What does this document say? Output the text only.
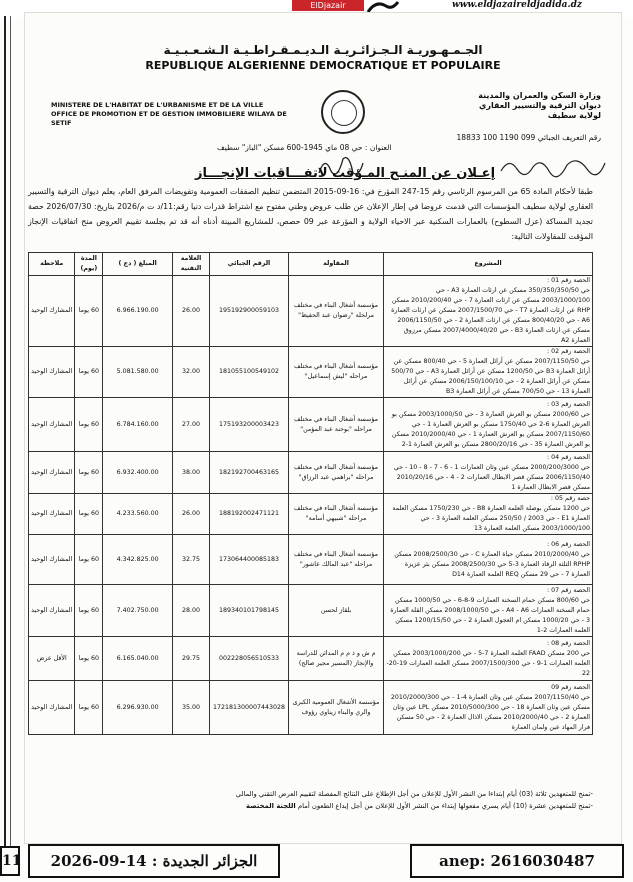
ElDjazair	www.eldjazaireldjadida.dz
الجـمـهـوريـة الـجـزائـريـة الـديـمـقـراطـيـة الـشـعـبـيـة
REPUBLIQUE ALGERIENNE DEMOCRATIQUE ET POPULAIRE
MINISTERE DE L'HABITAT DE L'URBANISME ET DE LA VILLE
OFFICE DE PROMOTION ET DE GESTION IMMOBILIERE WILAYA DE SETIF
وزارة السكن والعمران والمدينة
ديوان الترقية والتسيير العقاري
لولاية سطيف
رقم التعريف الجبائي 099 1190 100 18833
العنوان : حي 08 ماي 1945-600 مسكن "الباز" سطيف
إعـلان عن المنـح المـؤقت لاتفـــاقيات الإنجـــاز
طبقا لأحكام المادة 65 من المرسوم الرئاسي رقم 15-247 المؤرخ في: 16-09-2015 المتضمن تنظيم الصفقات العمومية وتفويضات المرفق العام، يعلم ديوان الترقية والتسيير العقاري لولاية سطيف المؤسسات التي قدمت عروضا في إطار الإعلان عن طلب عروض وطني مفتوح مع اشتراط قدرات دنيا رقم:11/د ت م/2026 بتاريخ: 2026/07/30 حصة تجديد المساكة (عزل السطوح) بالعمارات السكنية عبر الاحياء الولاية و المؤرعة عبر 09 حصص، للمشاريع المبينة أدناه أنه قد تم بجلسة تقييم العروض منح اتفاقيات الإنجاز المؤقت للمقاولات التالية:
المشروع	المقاولة	الرقم الجبائي	العلامة التقنية	المبلغ ( دج )	المدة (يوم)	ملاحظة

الحصة رقم 01 :
حي 350/350/350/50 مسكن عن ارئات العمارة A3 - حي 2003/1000/100 مسكن عن ارئات العمارة 7 - حي 2010/200/40 مسكن RHP عن ارئات العمارة T7 - حي 2007/1500/70 مسكن عن ارئات العمارة A6 - حي 800/40/20 مسكن عن ارئات العمارة 2 - حي 2006/1150/50 مسكن عن ارئات العمارة B3 - حي 2007/4000/40/20 مسكن مرزوق العمارة A2	مؤسسة أشغال البناء في مختلف مرلحلة "رضوان عبد الحفيظ"	195192900059103	26.00	6.966.190.00	60 يوما	المشارك الوحيد

الحصة رقم 02 :
حي 2007/1150/50 مسكن عن أرائل العمارة 5 - حي 800/40 مسكن عن أرائل العمارة B3 حي 1200/50 مسكن عن أرائل العمارة A3 - حي 500/70 مسكن عن أرائل العمارة 2 - حي 2006/150/100/10 مسكن عن أرائل العمارة 13 - حي 700/50 مسكن عن أرائل العمارة B3	مؤسسة أشغال البناء في مختلف مراحله "ليش إسماعيل"	181055100549102	32.00	5.081.580.00	60 يوما	المشارك الوحيد

الحصة رقم 03 :
حي 2000/60 مسكن بو العرش العمارة 3 - حي 2003/1000/50 مسكن بو العرش العمارة 6-2 حي 1750/40 مسكن بو العرش العمارة 1 - حي 2007/1150/60 مسكن بو العرش العمارة 1 - حي 2010/2000/40 مسكن بو العرش العمارة 35 - حي 2800/20/16 مسكن بو العرش العمارة 1-2	مؤسسة أشغال البناء في مختلف مراحله "بوحنة عبد المؤمن"	175193200003423	27.00	6.784.160.00	60 يوما	المشارك الوحيد

الحصة رقم 04 :
حي 2000/200/3000 مسكن عين وثان العمارات 1 - 6 - 7 - 8 - 10 - حي 2006/1150/40 مسكن قصر الابطال العمارات 2 - 4 - حي 2010/20/16 مسكن قصر الابطال العمارة 1	مؤسسة أشغال البناء في مختلف مراحله "براهمي عبد الرزاق"	182192700463165	38.00	6.932.400.00	60 يوما	المشارك الوحيد

حصة رقم 05 :
حي 1200 مسكن بوصلة العلمة العمارة B8 - حي 1750/230 مسكن العلمة العمارة E1 - حي 2003 / 250/50 مسكن العلمة العمارة 3 - حي 2003/1000/100 مسكن العلمة العمارة 13	مؤسسة أشغال البناء في مختلف مراحله "شبيهي أسامة"	188192002471121	26.00	4.233.560.00	60 يوما	المشارك الوحيد

الحصة رقم 06 :
حي 2010/2000/40 مسكن حياة العمارة C - حي 2008/2500/30 مسكن RPHP الثلثة الرقاد العمارة 3-5 حي 2008/2500/30 مسكن بئر عزيزة العمارة 7 - حي 29 مسكن REQ العلمة العمارة D14	مؤسسة أشغال البناء في مختلف مراحله "عبد المالك عاشور"	173064400085183	32.75	4.342.825.00	60 يوما	المشارك الوحيد

الحصة رقم 07 :
حي 800/60 مسكن حمام السخنة العمارات 9-8-6 - حي 1000/50 مسكن حمام السخنة العمارات A4 - A6 - حي 2008/1000/50 مسكن القلة العمارة 3 - حي 1000/20 مسكن ام العجول العمارة 2 - حي 1200/15/50 مسكن العلمة العمارات 2-1	بلقاز لحسن	189340101798145	28.00	7.402.750.00	60 يوما	المشارك الوحيد

الحصة رقم 08 :
حي 200 مسكن FAAD العلمة العمارة 7-5 - حي 2003/1000/200 مسكن العلمة العمارات 1-9 - حي 2007/1500/300 مسكن العلمة العمارات 19-20-22	م ش و ذ م م المدائن للدراسة والإنجاز (المسير مجير صالح)	002228056510533	29.75	6.165.040.00	60 يوما	الأقل عرض

الحصة رقم 09
حي 2007/1150/40 مسكن عين وثان العمارة 4-1 - حي 2010/2000/300 مسكن عين وثان العمارة 18 - حي 2010/5000/300 مسكن LPL عين وثان العمارة 2 - حي 2010/2000/40 مسكن الاذال العمارة 2 - حي 50 مسكن فرار المهاد عين ولمان العمارة	مؤسسة الأشغال العمومية الكبرى والري والبناء زيناوي رؤوف	172181300007443028	35.00	6.296.930.00	60 يوما	المشارك الوحيد
-تمنح للمتعهدين ثلاثة (03) أيام إبتداءا من النشر الأول للإعلان من أجل الإطلاع على النتائج المفصلة لتقييم العرض التقني والمالي
-تمنح للمتعهدين عشرة (10) أيام يسري مفعولها إبتداء من النشر الأول للإعلان من أجل إيداع الطعون أمام اللجنة المختصة
11	الجزائر الجديدة : 14-09-2026	anep: 2616030487
